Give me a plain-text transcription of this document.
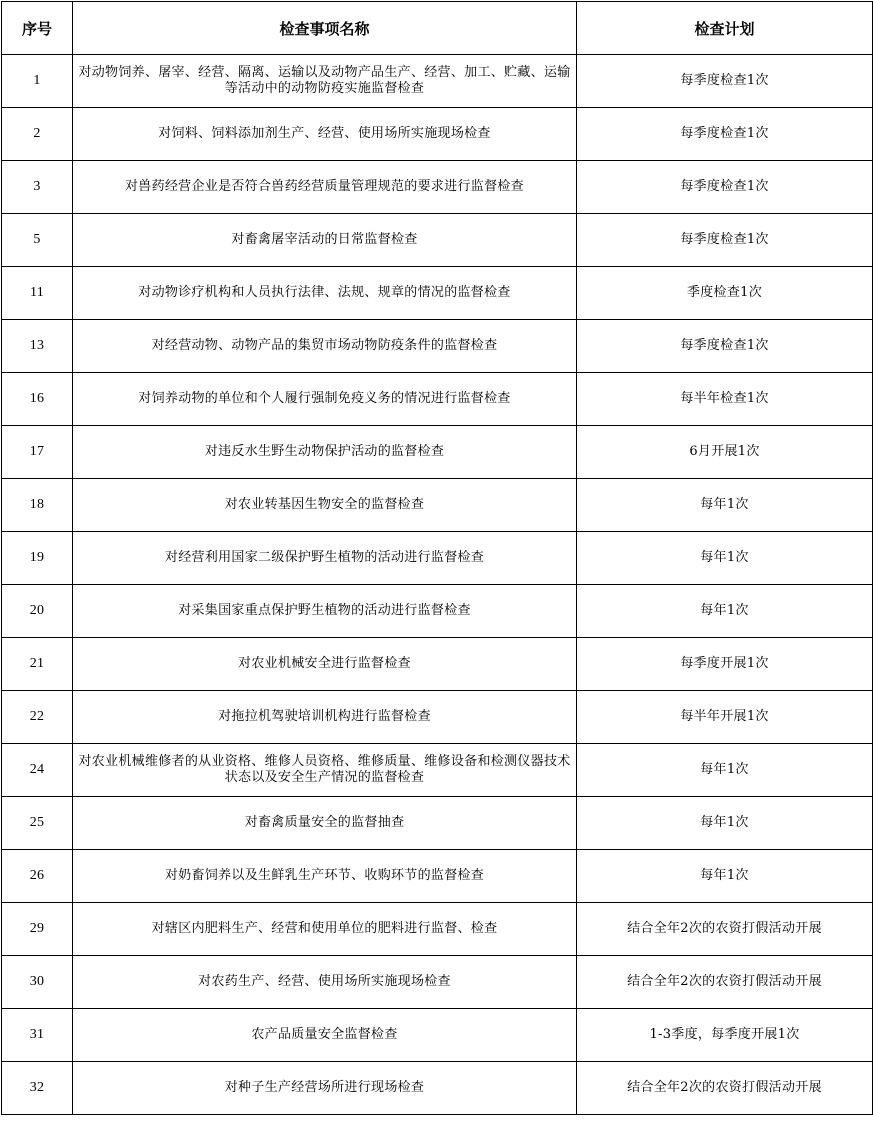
序号	检查事项名称	检查计划
1	对动物饲养、屠宰、经营、隔离、运输以及动物产品生产、经营、加工、贮藏、运输等活动中的动物防疫实施监督检查	每季度检查1次
2	对饲料、饲料添加剂生产、经营、使用场所实施现场检查	每季度检查1次
3	对兽药经营企业是否符合兽药经营质量管理规范的要求进行监督检查	每季度检查1次
5	对畜禽屠宰活动的日常监督检查	每季度检查1次
11	对动物诊疗机构和人员执行法律、法规、规章的情况的监督检查	季度检查1次
13	对经营动物、动物产品的集贸市场动物防疫条件的监督检查	每季度检查1次
16	对饲养动物的单位和个人履行强制免疫义务的情况进行监督检查	每半年检查1次
17	对违反水生野生动物保护活动的监督检查	6月开展1次
18	对农业转基因生物安全的监督检查	每年1次
19	对经营利用国家二级保护野生植物的活动进行监督检查	每年1次
20	对采集国家重点保护野生植物的活动进行监督检查	每年1次
21	对农业机械安全进行监督检查	每季度开展1次
22	对拖拉机驾驶培训机构进行监督检查	每半年开展1次
24	对农业机械维修者的从业资格、维修人员资格、维修质量、维修设备和检测仪器技术状态以及安全生产情况的监督检查	每年1次
25	对畜禽质量安全的监督抽查	每年1次
26	对奶畜饲养以及生鲜乳生产环节、收购环节的监督检查	每年1次
29	对辖区内肥料生产、经营和使用单位的肥料进行监督、检查	结合全年2次的农资打假活动开展
30	对农药生产、经营、使用场所实施现场检查	结合全年2次的农资打假活动开展
31	农产品质量安全监督检查	1-3季度，每季度开展1次
32	对种子生产经营场所进行现场检查	结合全年2次的农资打假活动开展
